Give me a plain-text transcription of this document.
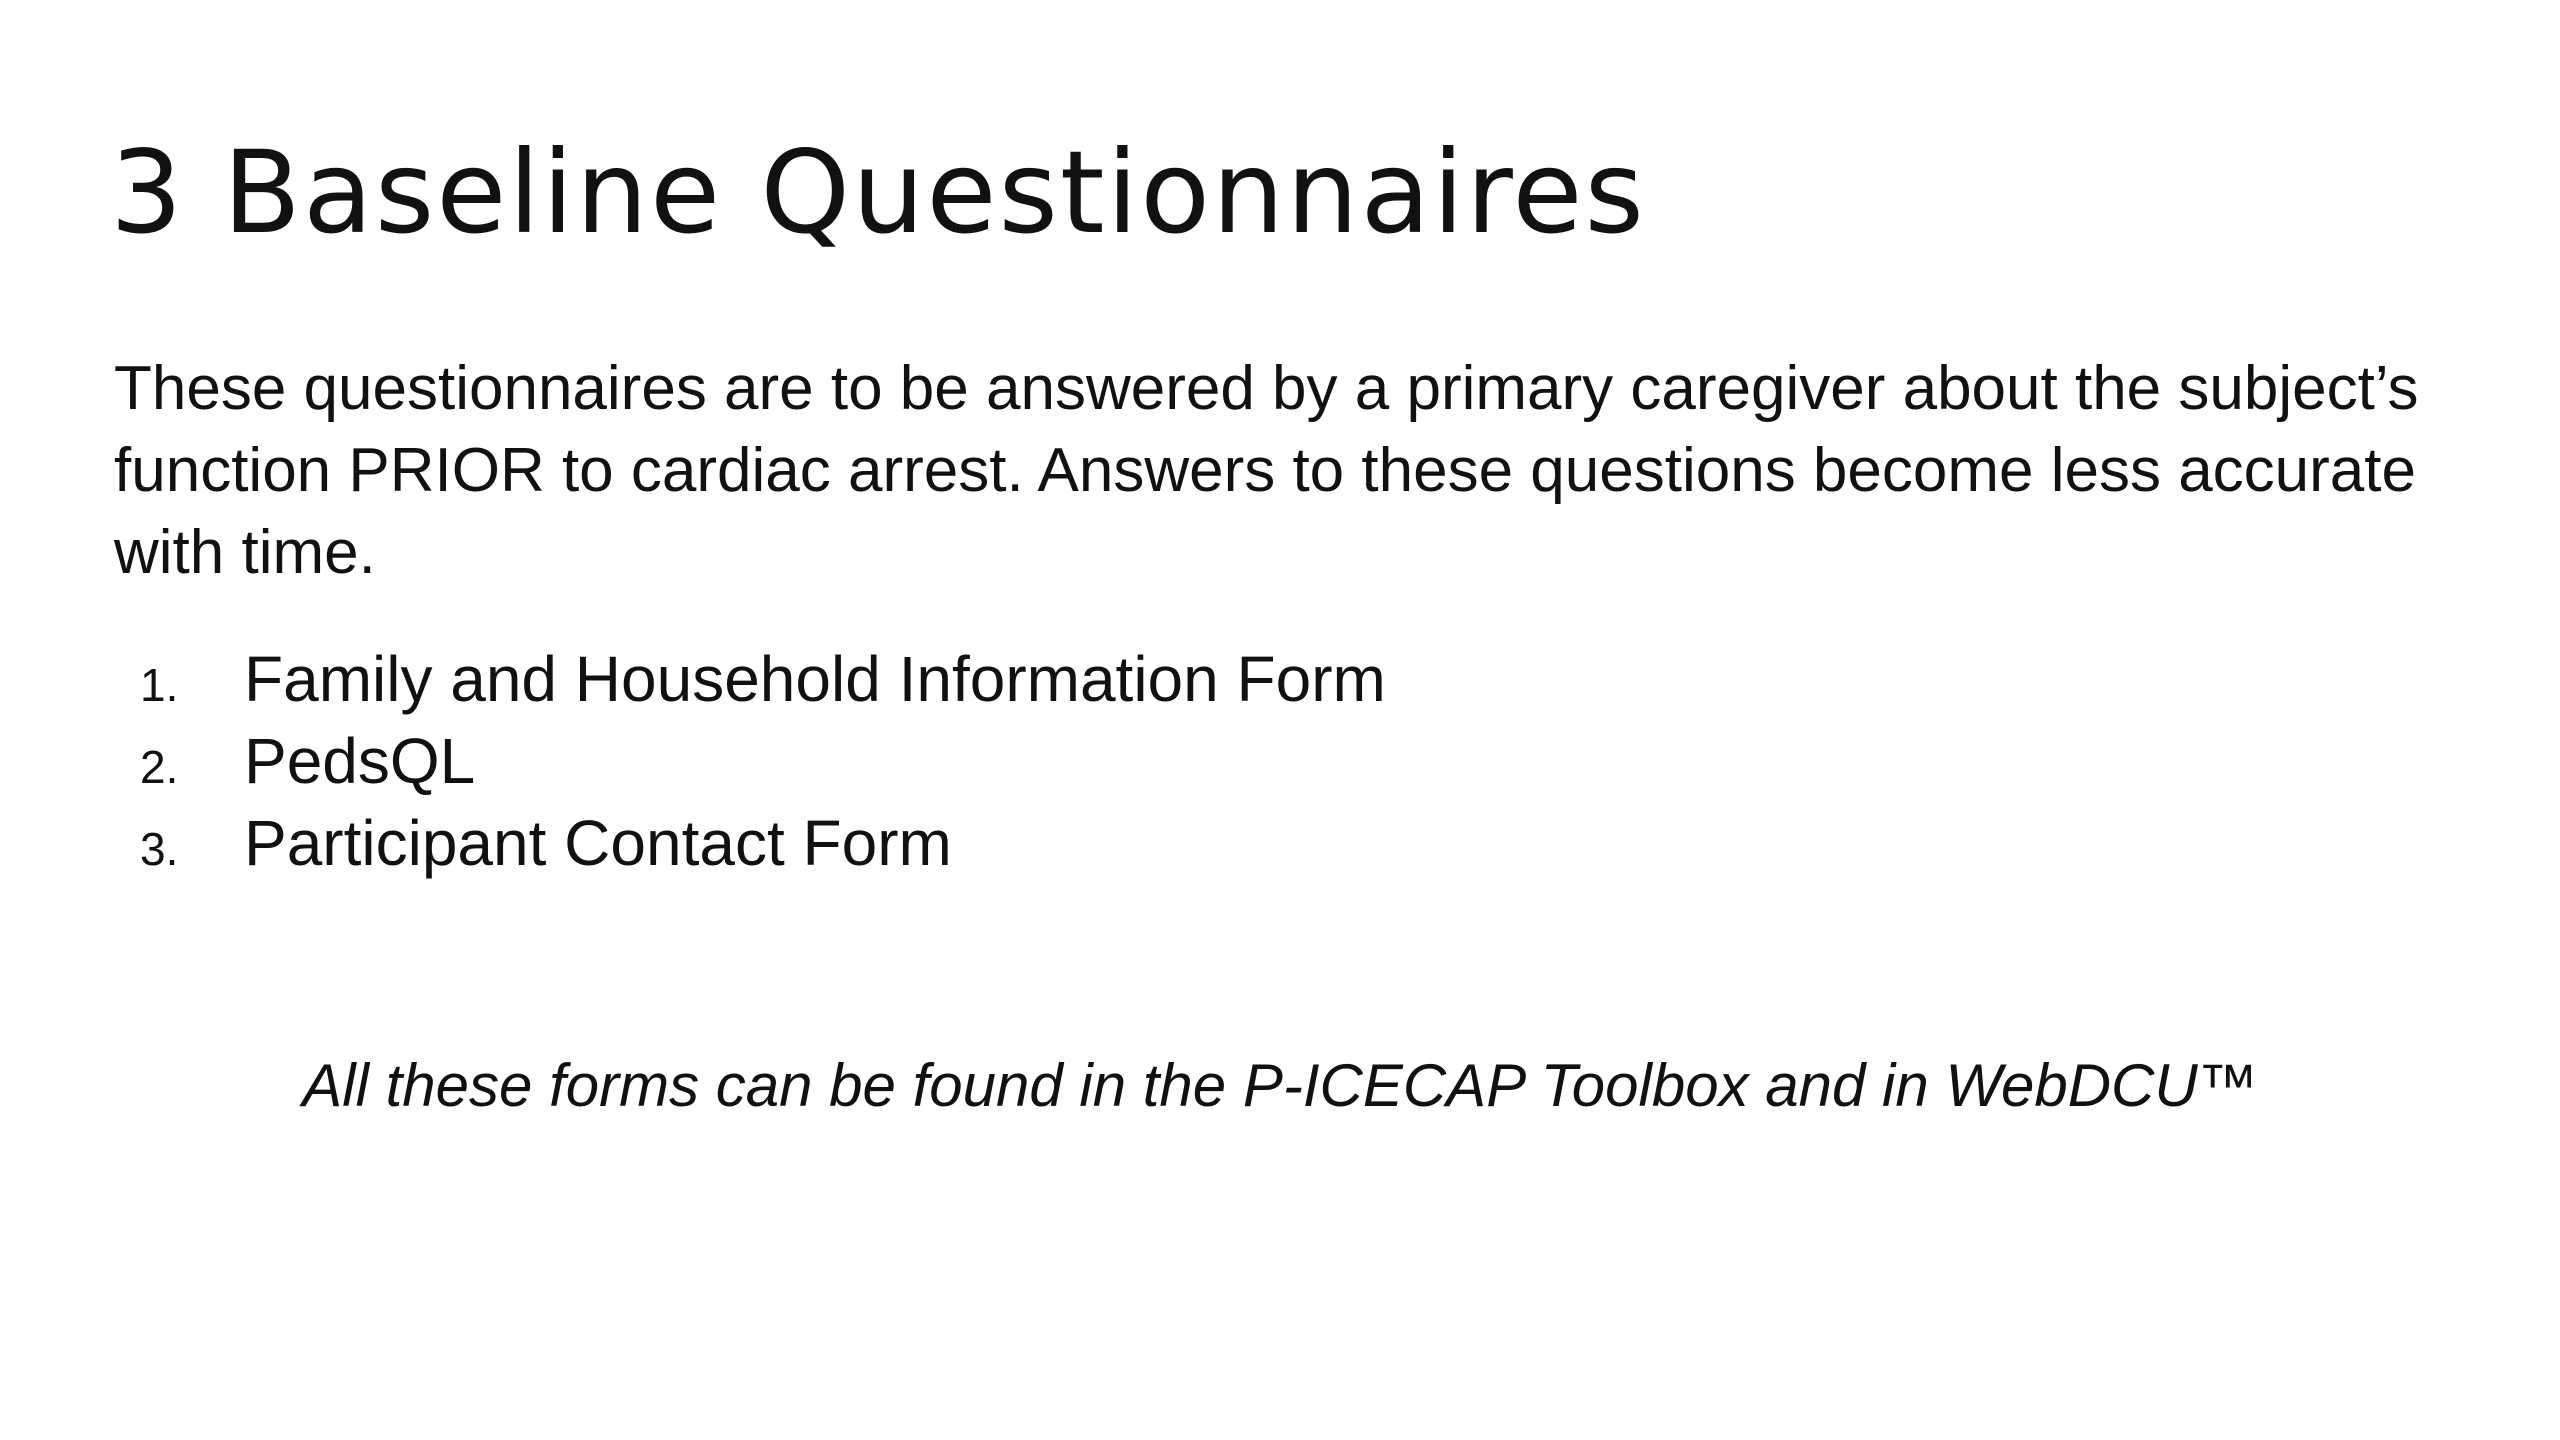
3 Baseline Questionnaires

These questionnaires are to be answered by a primary caregiver about the subject’s function PRIOR to cardiac arrest. Answers to these questions become less accurate with time.

1.	Family and Household Information Form
2.	PedsQL
3.	Participant Contact Form

All these forms can be found in the P-ICECAP Toolbox and in WebDCU™
